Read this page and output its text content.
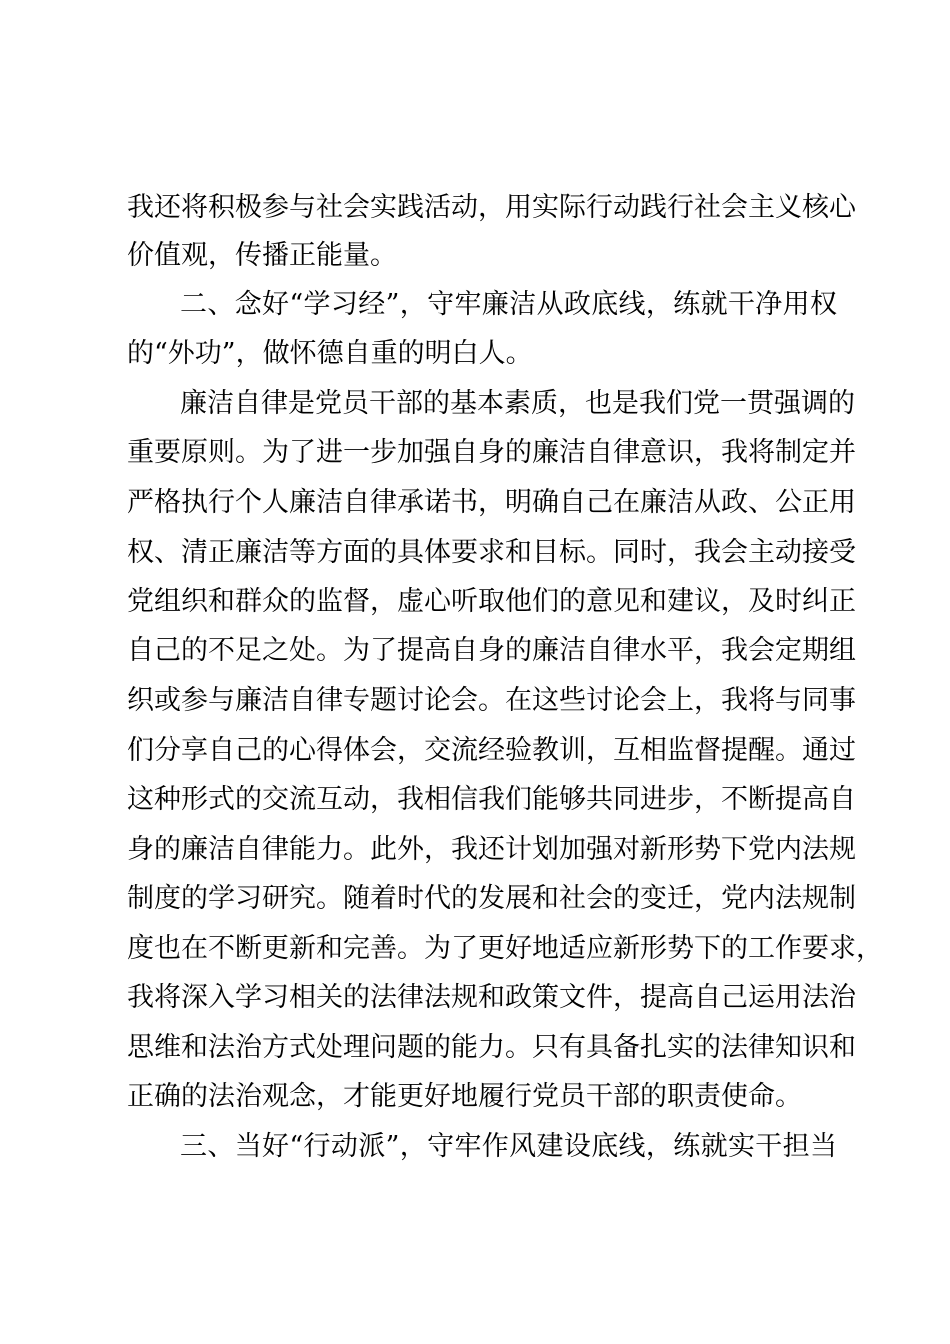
我还将积极参与社会实践活动，用实际行动践行社会主义核心

价值观，传播正能量。

二、念好“学习经”，守牢廉洁从政底线，练就干净用权

的“外功”，做怀德自重的明白人。

廉洁自律是党员干部的基本素质，也是我们党一贯强调的

重要原则。为了进一步加强自身的廉洁自律意识，我将制定并

严格执行个人廉洁自律承诺书，明确自己在廉洁从政、公正用

权、清正廉洁等方面的具体要求和目标。同时，我会主动接受

党组织和群众的监督，虚心听取他们的意见和建议，及时纠正

自己的不足之处。为了提高自身的廉洁自律水平，我会定期组

织或参与廉洁自律专题讨论会。在这些讨论会上，我将与同事

们分享自己的心得体会，交流经验教训，互相监督提醒。通过

这种形式的交流互动，我相信我们能够共同进步，不断提高自

身的廉洁自律能力。此外，我还计划加强对新形势下党内法规

制度的学习研究。随着时代的发展和社会的变迁，党内法规制

度也在不断更新和完善。为了更好地适应新形势下的工作要求，

我将深入学习相关的法律法规和政策文件，提高自己运用法治

思维和法治方式处理问题的能力。只有具备扎实的法律知识和

正确的法治观念，才能更好地履行党员干部的职责使命。

三、当好“行动派”，守牢作风建设底线，练就实干担当
